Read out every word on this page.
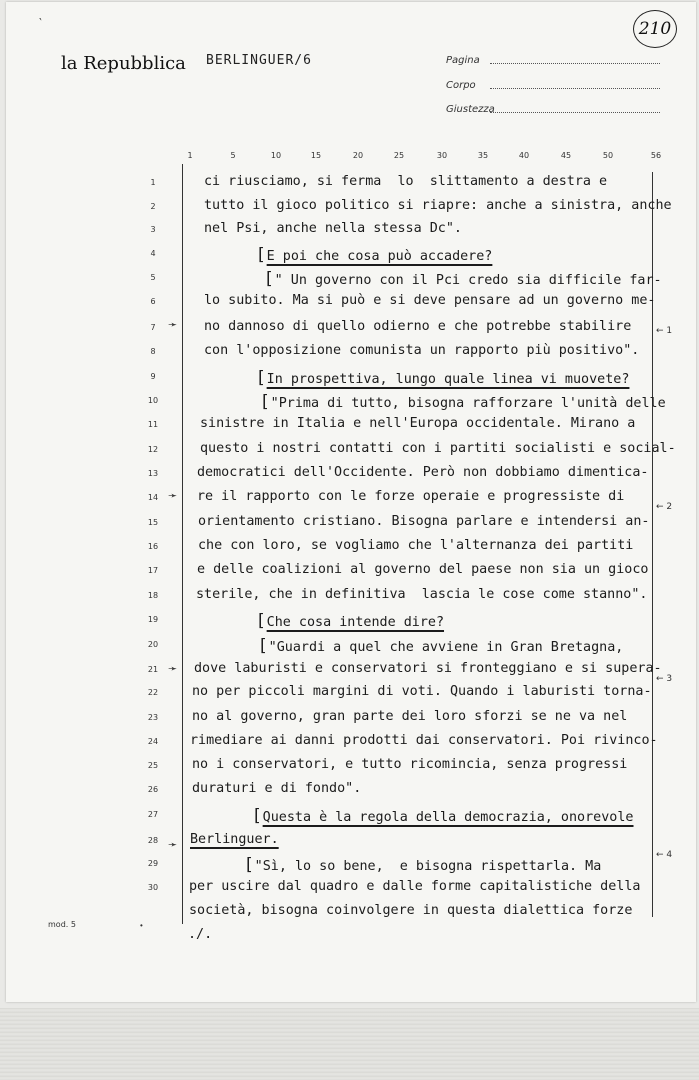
‵
la Repubblica BERLINGUER/6	Pagina
Corpo
Giustezza
210
1	5	10	15	20	25	30	35	40	45	50	56
1
2
3
4
5
6
7
8
9
10
11
12
13
14
15
16
17
18
19
20
21
22
23
24
25
26
27
28
29
30
➛
➛
➛
➛
← 1
← 2
← 3
← 4
ci riusciamo, si ferma  lo  slittamento a destra e
tutto il gioco politico si riapre: anche a sinistra, anche
nel Psi, anche nella stessa Dc".
[ E poi che cosa può accadere?
[ " Un governo con il Pci credo sia difficile far-
lo subito. Ma si può e si deve pensare ad un governo me-
no dannoso di quello odierno e che potrebbe stabilire
con l'opposizione comunista un rapporto più positivo".
[ In prospettiva, lungo quale linea vi muovete?
[ "Prima di tutto, bisogna rafforzare l'unità delle
sinistre in Italia e nell'Europa occidentale. Mirano a
questo i nostri contatti con i partiti socialisti e social-
democratici dell'Occidente. Però non dobbiamo dimentica-
re il rapporto con le forze operaie e progressiste di
orientamento cristiano. Bisogna parlare e intendersi an-
che con loro, se vogliamo che l'alternanza dei partiti
e delle coalizioni al governo del paese non sia un gioco
sterile, che in definitiva  lascia le cose come stanno".
[ Che cosa intende dire?
[ "Guardi a quel che avviene in Gran Bretagna,
dove laburisti e conservatori si fronteggiano e si supera-
no per piccoli margini di voti. Quando i laburisti torna-
no al governo, gran parte dei loro sforzi se ne va nel
rimediare ai danni prodotti dai conservatori. Poi rivinco-
no i conservatori, e tutto ricomincia, senza progressi
duraturi e di fondo".
[ Questa è la regola della democrazia, onorevole
Berlinguer.
[ "Sì, lo so bene,  e bisogna rispettarla. Ma
per uscire dal quadro e dalle forme capitalistiche della
società, bisogna coinvolgere in questa dialettica forze
./.
mod. 5	•
